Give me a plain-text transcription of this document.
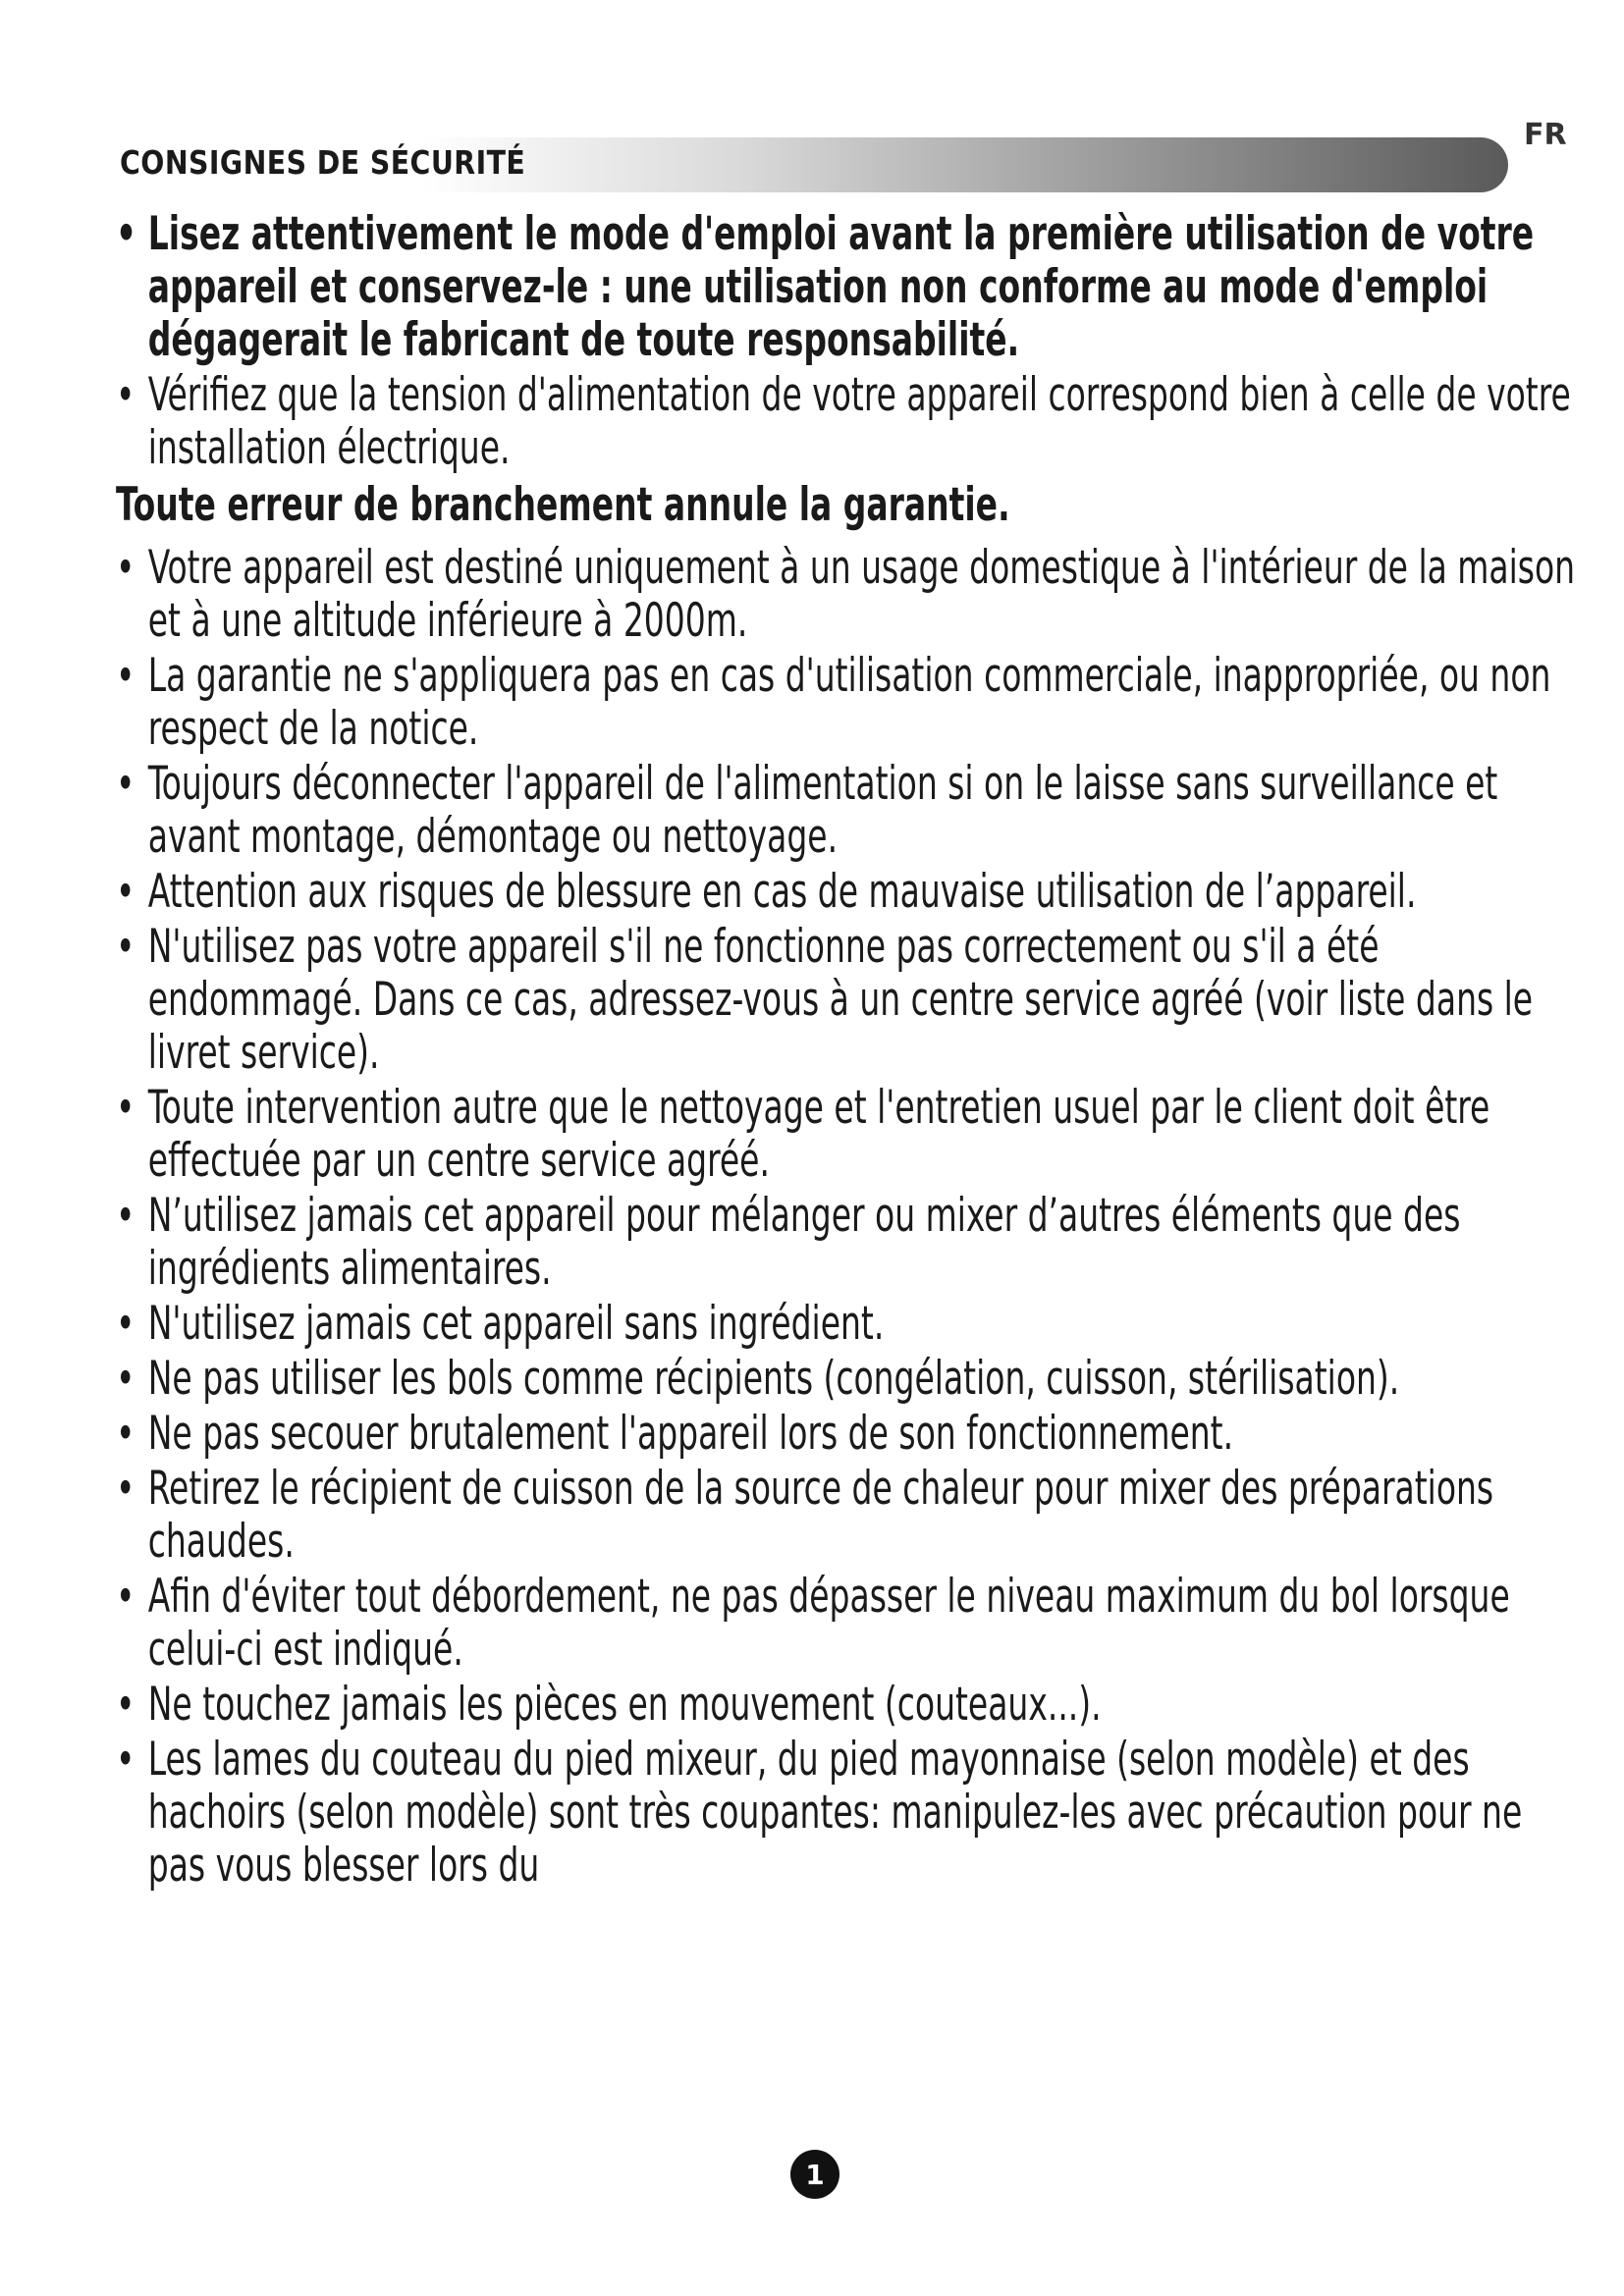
FR
CONSIGNES DE SÉCURITÉ
• Lisez attentivement le mode d'emploi avant la première utilisation de votre appareil et conservez-le : une utilisation non conforme au mode d'emploi dégagerait le fabricant de toute responsabilité.
• Vérifiez que la tension d'alimentation de votre appareil correspond bien à celle de votre installation électrique.
Toute erreur de branchement annule la garantie.
• Votre appareil est destiné uniquement à un usage domestique à l'intérieur de la maison et à une altitude inférieure à 2000m.
• La garantie ne s'appliquera pas en cas d'utilisation commerciale, inappropriée, ou non respect de la notice.
• Toujours déconnecter l'appareil de l'alimentation si on le laisse sans surveillance et avant montage, démontage ou nettoyage.
• Attention aux risques de blessure en cas de mauvaise utilisation de l’appareil.
• N'utilisez pas votre appareil s'il ne fonctionne pas correctement ou s'il a été endommagé. Dans ce cas, adressez-vous à un centre service agréé (voir liste dans le livret service).
• Toute intervention autre que le nettoyage et l'entretien usuel par le client doit être effectuée par un centre service agréé.
• N’utilisez jamais cet appareil pour mélanger ou mixer d’autres éléments que des ingrédients alimentaires.
• N'utilisez jamais cet appareil sans ingrédient.
• Ne pas utiliser les bols comme récipients (congélation, cuisson, stérilisation).
• Ne pas secouer brutalement l'appareil lors de son fonctionnement.
• Retirez le récipient de cuisson de la source de chaleur pour mixer des préparations chaudes.
• Afin d'éviter tout débordement, ne pas dépasser le niveau maximum du bol lorsque celui-ci est indiqué.
• Ne touchez jamais les pièces en mouvement (couteaux...).
• Les lames du couteau du pied mixeur, du pied mayonnaise (selon modèle) et des hachoirs (selon modèle) sont très coupantes: manipulez-les avec précaution pour ne pas vous blesser lors du
1
